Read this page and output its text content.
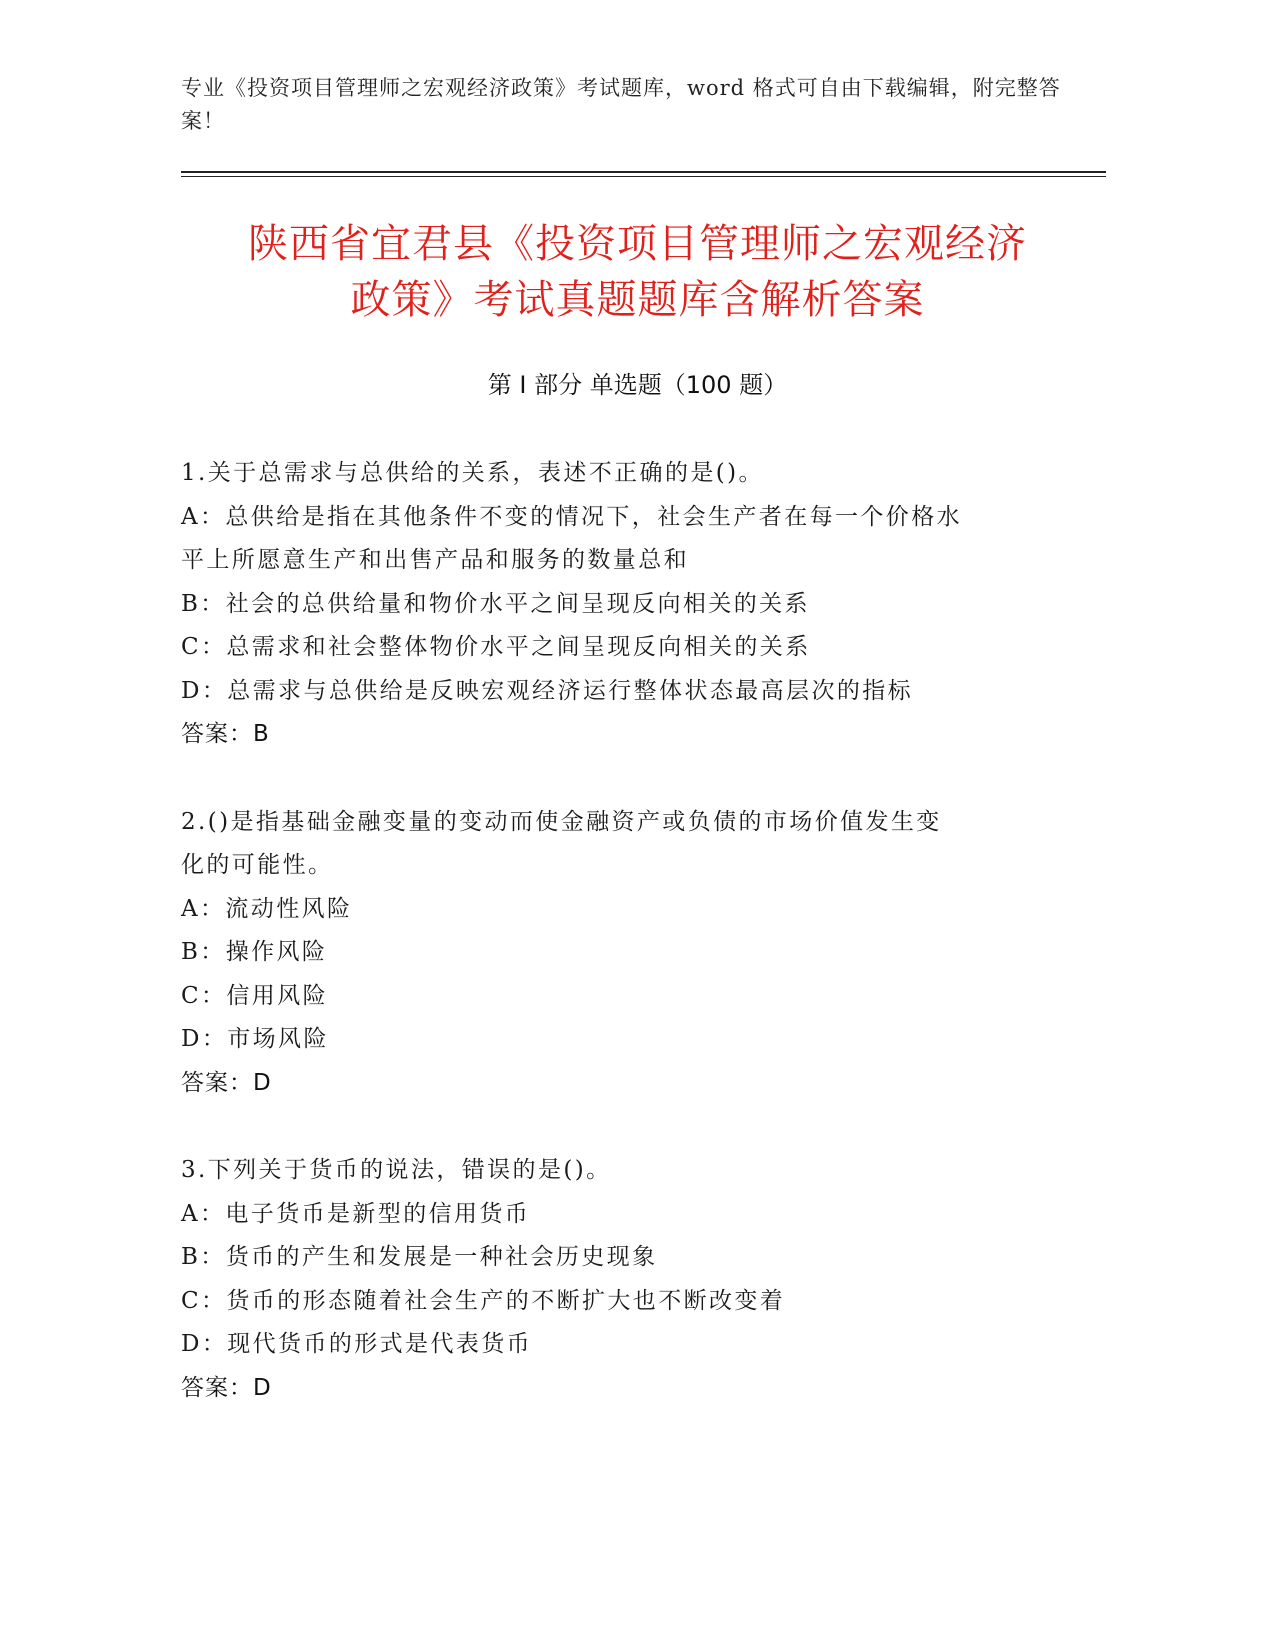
专业《投资项目管理师之宏观经济政策》考试题库，word 格式可自由下载编辑，附完整答案！
陕西省宜君县《投资项目管理师之宏观经济
政策》考试真题题库含解析答案
第 I 部分 单选题（100 题）
1.关于总需求与总供给的关系，表述不正确的是()。
A：总供给是指在其他条件不变的情况下，社会生产者在每一个价格水
平上所愿意生产和出售产品和服务的数量总和
B：社会的总供给量和物价水平之间呈现反向相关的关系
C：总需求和社会整体物价水平之间呈现反向相关的关系
D：总需求与总供给是反映宏观经济运行整体状态最高层次的指标
答案：B
2.()是指基础金融变量的变动而使金融资产或负债的市场价值发生变
化的可能性。
A：流动性风险
B：操作风险
C：信用风险
D：市场风险
答案：D
3.下列关于货币的说法，错误的是()。
A：电子货币是新型的信用货币
B：货币的产生和发展是一种社会历史现象
C：货币的形态随着社会生产的不断扩大也不断改变着
D：现代货币的形式是代表货币
答案：D
